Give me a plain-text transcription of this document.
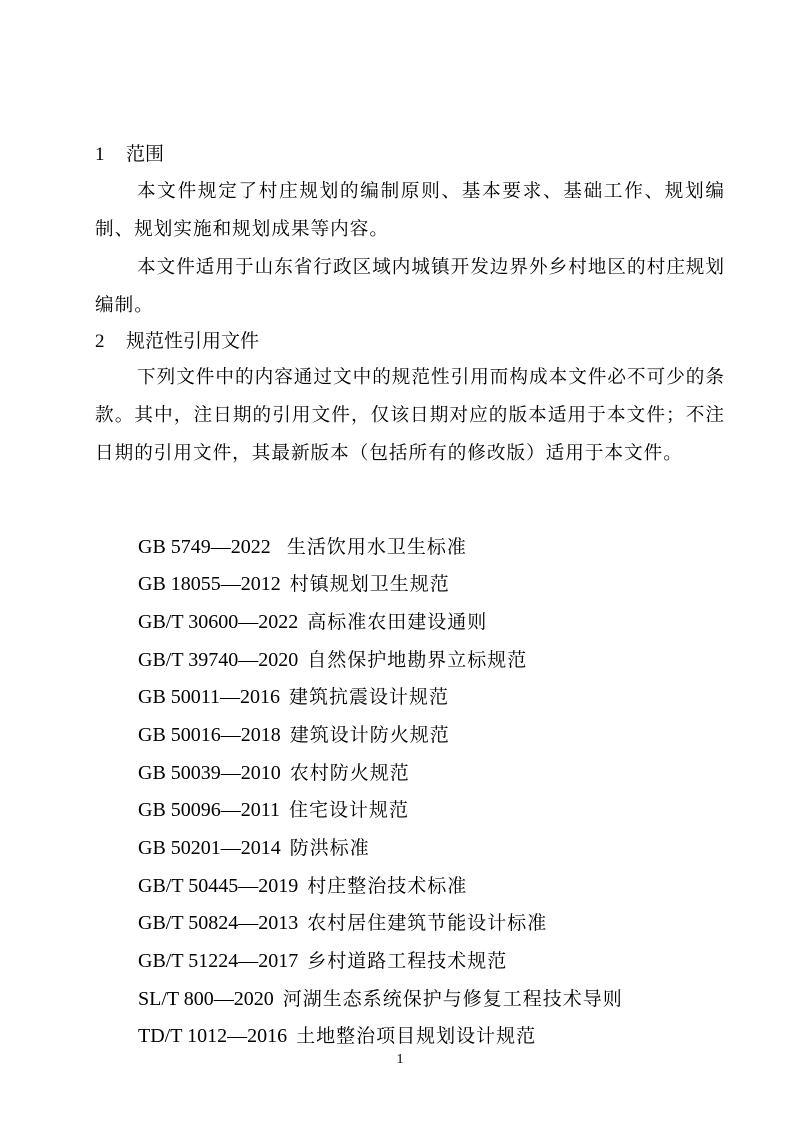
1 范围

本文件规定了村庄规划的编制原则、基本要求、基础工作、规划编制、规划实施和规划成果等内容。

本文件适用于山东省行政区域内城镇开发边界外乡村地区的村庄规划编制。

2 规范性引用文件

下列文件中的内容通过文中的规范性引用而构成本文件必不可少的条款。其中，注日期的引用文件，仅该日期对应的版本适用于本文件；不注日期的引用文件，其最新版本（包括所有的修改版）适用于本文件。

GB 5749—2022 生活饮用水卫生标准
GB 18055—2012 村镇规划卫生规范
GB/T 30600—2022 高标准农田建设通则
GB/T 39740—2020 自然保护地勘界立标规范
GB 50011—2016 建筑抗震设计规范
GB 50016—2018 建筑设计防火规范
GB 50039—2010 农村防火规范
GB 50096—2011 住宅设计规范
GB 50201—2014 防洪标准
GB/T 50445—2019 村庄整治技术标准
GB/T 50824—2013 农村居住建筑节能设计标准
GB/T 51224—2017 乡村道路工程技术规范
SL/T 800—2020 河湖生态系统保护与修复工程技术导则
TD/T 1012—2016 土地整治项目规划设计规范
1
